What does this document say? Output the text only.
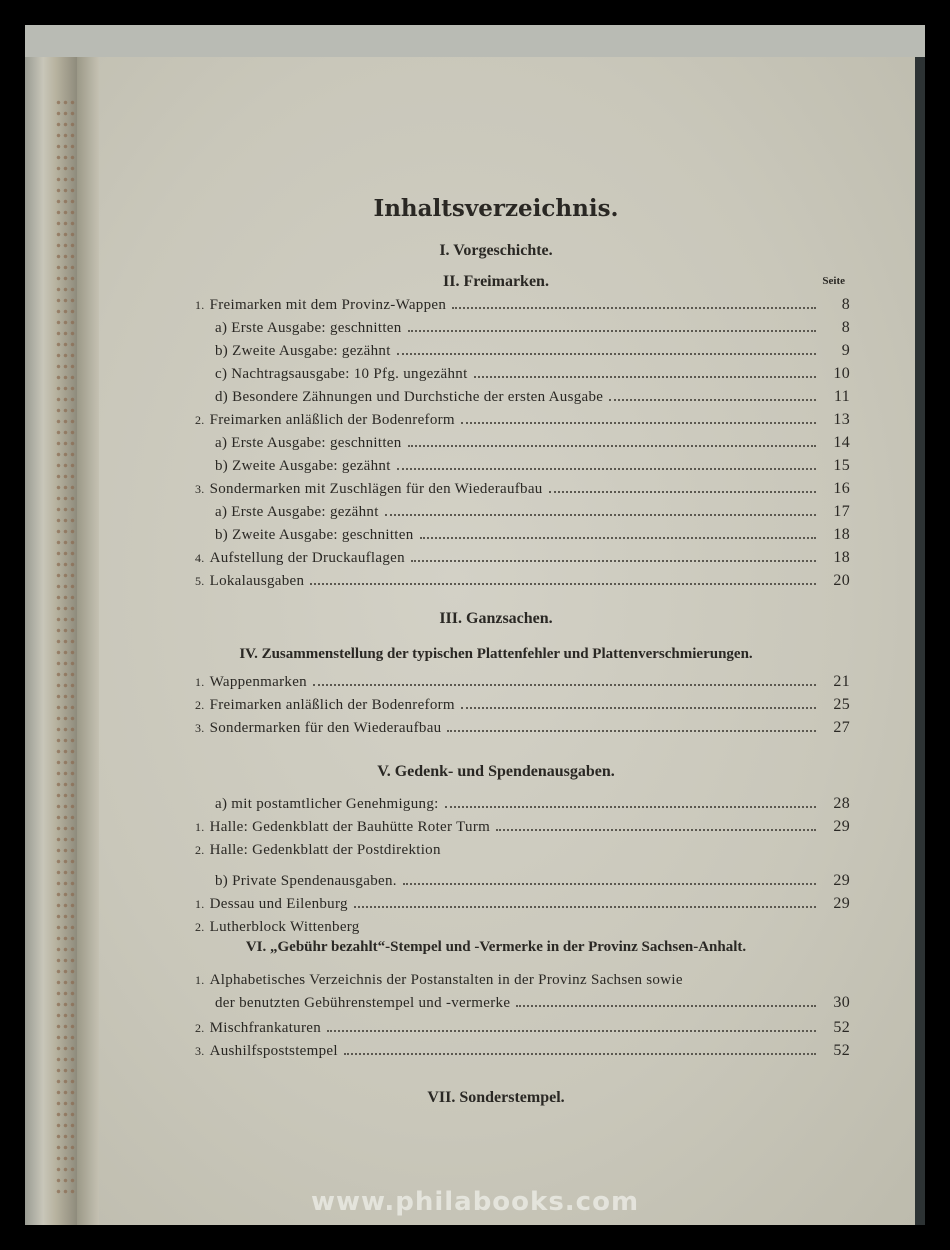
Inhaltsverzeichnis.
I. Vorgeschichte.
II. Freimarken.	Seite
1. Freimarken mit dem Provinz-Wappen	8
a) Erste Ausgabe: geschnitten	8
b) Zweite Ausgabe: gezähnt	9
c) Nachtragsausgabe: 10 Pfg. ungezähnt	10
d) Besondere Zähnungen und Durchstiche der ersten Ausgabe	11
2. Freimarken anläßlich der Bodenreform	13
a) Erste Ausgabe: geschnitten	14
b) Zweite Ausgabe: gezähnt	15
3. Sondermarken mit Zuschlägen für den Wiederaufbau	16
a) Erste Ausgabe: gezähnt	17
b) Zweite Ausgabe: geschnitten	18
4. Aufstellung der Druckauflagen	18
5. Lokalausgaben	20
1. Wappenmarken	21
2. Freimarken anläßlich der Bodenreform	25
3. Sondermarken für den Wiederaufbau	27
a) mit postamtlicher Genehmigung:	28
1. Halle: Gedenkblatt der Bauhütte Roter Turm	29
2. Halle: Gedenkblatt der Postdirektion
b) Private Spendenausgaben.	29
1. Dessau und Eilenburg	29
2. Lutherblock Wittenberg
1. Alphabetisches Verzeichnis der Postanstalten in der Provinz Sachsen sowie
der benutzten Gebührenstempel und -vermerke	30
2. Mischfrankaturen	52
3. Aushilfspoststempel	52
III. Ganzsachen.
IV. Zusammenstellung der typischen Plattenfehler und Plattenverschmierungen.
V. Gedenk- und Spendenausgaben.
VI. „Gebühr bezahlt“-Stempel und -Vermerke in der Provinz Sachsen-Anhalt.
VII. Sonderstempel.
www.philabooks.com
